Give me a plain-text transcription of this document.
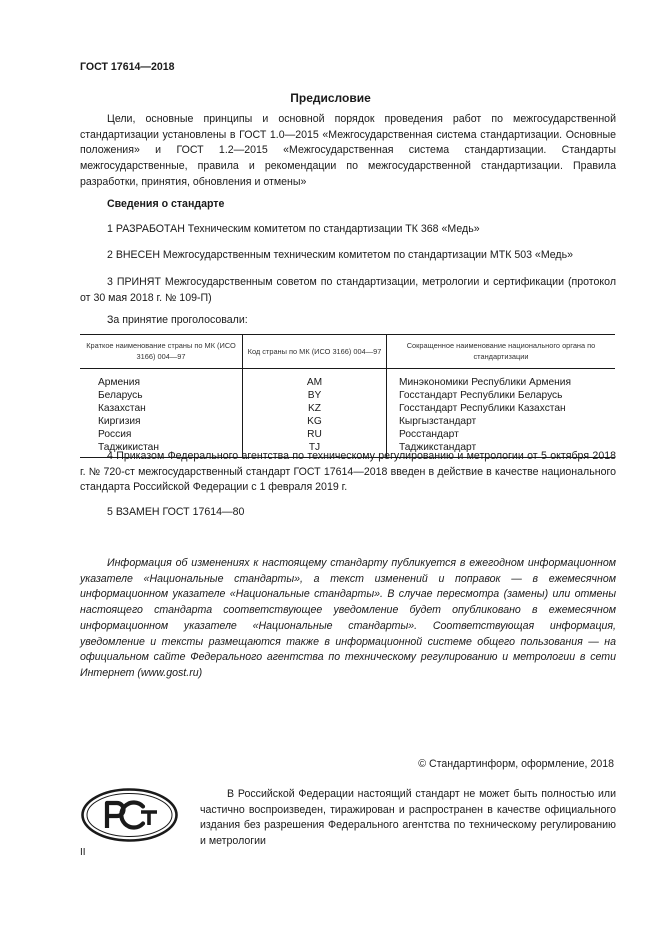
ГОСТ 17614—2018
Предисловие
Цели, основные принципы и основной порядок проведения работ по межгосударственной стандартизации установлены в ГОСТ 1.0—2015 «Межгосударственная система стандартизации. Основные положения» и ГОСТ 1.2—2015 «Межгосударственная система стандартизации. Стандарты межгосударственные, правила и рекомендации по межгосударственной стандартизации. Правила разработки, принятия, обновления и отмены»
Сведения о стандарте
1 РАЗРАБОТАН Техническим комитетом по стандартизации ТК 368 «Медь»
2 ВНЕСЕН Межгосударственным техническим комитетом по стандартизации МТК 503 «Медь»
3 ПРИНЯТ Межгосударственным советом по стандартизации, метрологии и сертификации (протокол от 30 мая 2018 г. № 109-П)
За принятие проголосовали:
Краткое наименование страны по МК (ИСО 3166) 004—97	Код страны по МК (ИСО 3166) 004—97	Сокращенное наименование национального органа по стандартизации
Армения	AM	Минэкономики Республики Армения
Беларусь	BY	Госстандарт Республики Беларусь
Казахстан	KZ	Госстандарт Республики Казахстан
Киргизия	KG	Кыргызстандарт
Россия	RU	Росстандарт
Таджикистан	TJ	Таджикстандарт
4 Приказом Федерального агентства по техническому регулированию и метрологии от 5 октября 2018 г. № 720-ст межгосударственный стандарт ГОСТ 17614—2018 введен в действие в качестве национального стандарта Российской Федерации с 1 февраля 2019 г.
5 ВЗАМЕН ГОСТ 17614—80
Информация об изменениях к настоящему стандарту публикуется в ежегодном информационном указателе «Национальные стандарты», а текст изменений и поправок — в ежемесячном информационном указателе «Национальные стандарты». В случае пересмотра (замены) или отмены настоящего стандарта соответствующее уведомление будет опубликовано в ежемесячном информационном указателе «Национальные стандарты». Соответствующая информация, уведомление и тексты размещаются также в информационной системе общего пользования — на официальном сайте Федерального агентства по техническому регулированию и метрологии в сети Интернет (www.gost.ru)
© Стандартинформ, оформление, 2018
В Российской Федерации настоящий стандарт не может быть полностью или частично воспроизведен, тиражирован и распространен в качестве официального издания без разрешения Федерального агентства по техническому регулированию и метрологии
II
